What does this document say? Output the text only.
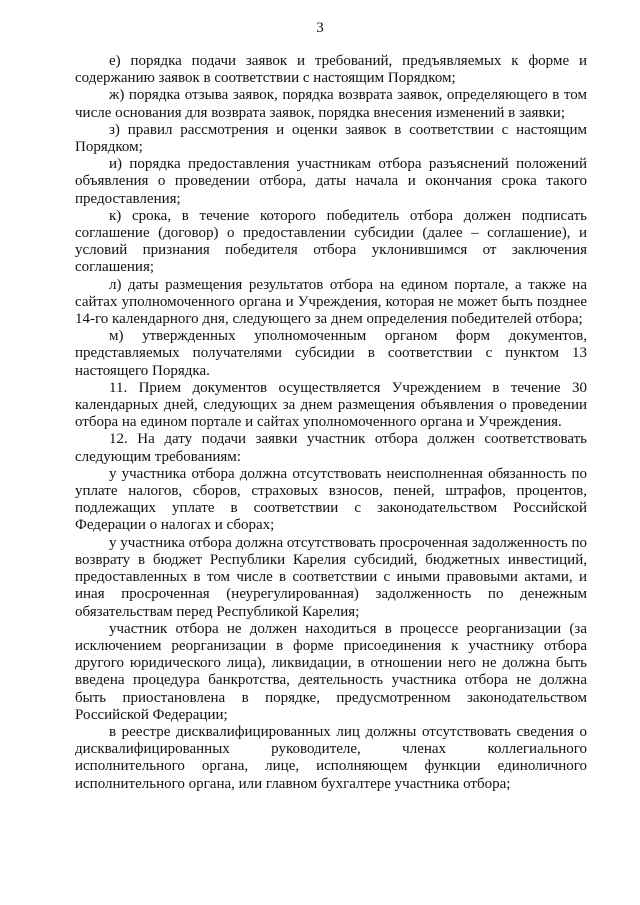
3

е) порядка подачи заявок и требований, предъявляемых к форме и содержанию заявок в соответствии с настоящим Порядком;

ж) порядка отзыва заявок, порядка возврата заявок, определяющего в том числе основания для возврата заявок, порядка внесения изменений в заявки;

з) правил рассмотрения и оценки заявок в соответствии с настоящим Порядком;

и) порядка предоставления участникам отбора разъяснений положений объявления о проведении отбора, даты начала и окончания срока такого предоставления;

к) срока, в течение которого победитель отбора должен подписать соглашение (договор) о предоставлении субсидии (далее – соглашение), и условий признания победителя отбора уклонившимся от заключения соглашения;

л) даты размещения результатов отбора на едином портале, а также на сайтах уполномоченного органа и Учреждения, которая не может быть позднее 14-го календарного дня, следующего за днем определения победителей отбора;

м) утвержденных уполномоченным органом форм документов, представляемых получателями субсидии в соответствии с пунктом 13 настоящего Порядка.

11. Прием документов осуществляется Учреждением в течение 30 календарных дней, следующих за днем размещения объявления о проведении отбора на едином портале и сайтах уполномоченного органа и Учреждения.

12. На дату подачи заявки участник отбора должен соответствовать следующим требованиям:

у участника отбора должна отсутствовать неисполненная обязанность по уплате налогов, сборов, страховых взносов, пеней, штрафов, процентов, подлежащих уплате в соответствии с законодательством Российской Федерации о налогах и сборах;

у участника отбора должна отсутствовать просроченная задолженность по возврату в бюджет Республики Карелия субсидий, бюджетных инвестиций, предоставленных в том числе в соответствии с иными правовыми актами, и иная просроченная (неурегулированная) задолженность по денежным обязательствам перед Республикой Карелия;

участник отбора не должен находиться в процессе реорганизации (за исключением реорганизации в форме присоединения к участнику отбора другого юридического лица), ликвидации, в отношении него не должна быть введена процедура банкротства, деятельность участника отбора не должна быть приостановлена в порядке, предусмотренном законодательством Российской Федерации;

в реестре дисквалифицированных лиц должны отсутствовать сведения о дисквалифицированных руководителе, членах коллегиального исполнительного органа, лице, исполняющем функции единоличного исполнительного органа, или главном бухгалтере участника отбора;
